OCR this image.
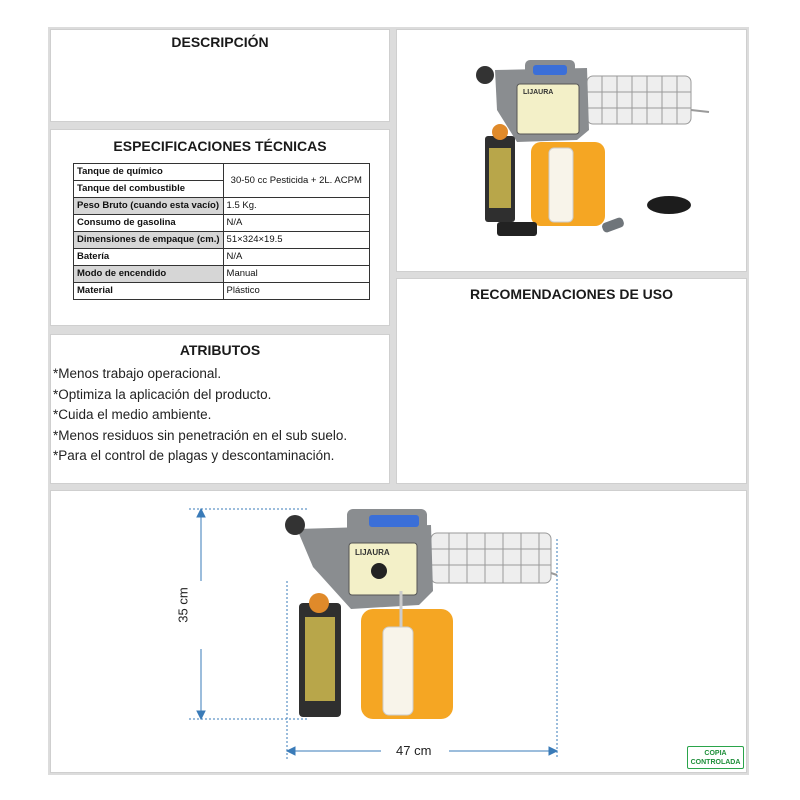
DESCRIPCIÓN
ESPECIFICACIONES TÉCNICAS
Tanque de químico	30-50 cc Pesticida + 2L. ACPM
Tanque del combustible	
Peso Bruto (cuando esta vacío)	1.5 Kg.
Consumo de gasolina	N/A
Dimensiones de empaque (cm.)	51×324×19.5
Batería	N/A
Modo de encendido	Manual
Material	Plástico
ATRIBUTOS
*Menos trabajo operacional.
*Optimiza la aplicación del producto.
*Cuida el medio ambiente.
*Menos residuos sin penetración en el sub suelo.
*Para el control de plagas y descontaminación.
LIJAURA
RECOMENDACIONES DE USO
LIJAURA
35 cm
47 cm	COPIA
CONTROLADA
